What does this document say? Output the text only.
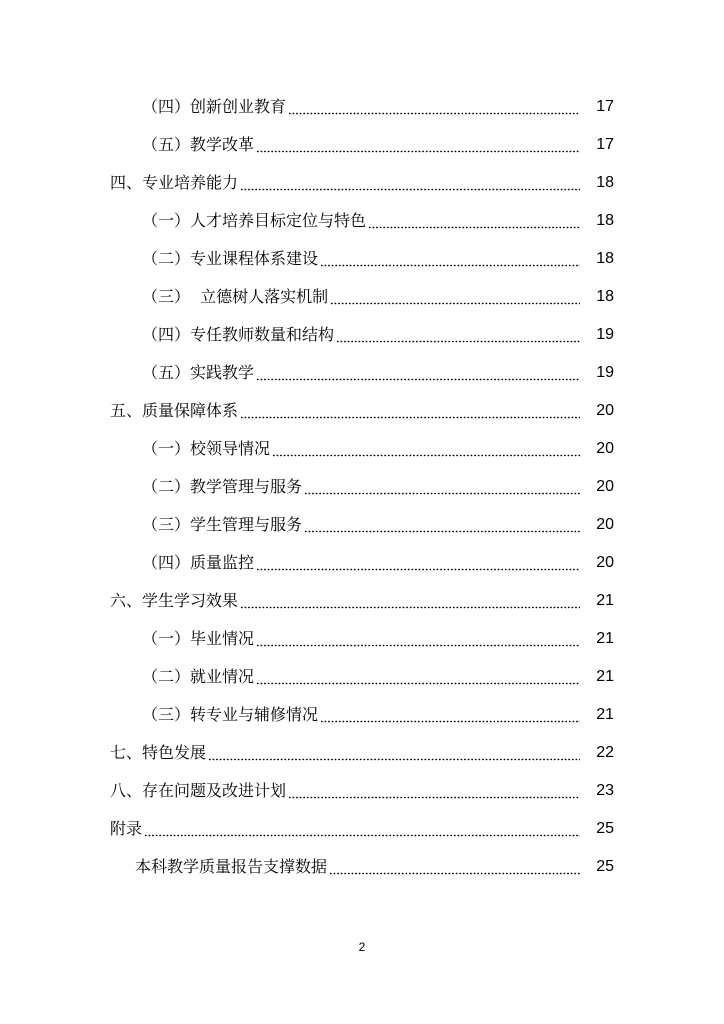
（四）创新创业教育	17
（五）教学改革	17
四、专业培养能力	18
（一）人才培养目标定位与特色	18
（二）专业课程体系建设	18
（三）  立德树人落实机制	18
（四）专任教师数量和结构	19
（五）实践教学	19
五、质量保障体系	20
（一）校领导情况	20
（二）教学管理与服务	20
（三）学生管理与服务	20
（四）质量监控	20
六、学生学习效果	21
（一）毕业情况	21
（二）就业情况	21
（三）转专业与辅修情况	21
七、特色发展	22
八、存在问题及改进计划	23
附录	25
本科教学质量报告支撑数据	25
2
